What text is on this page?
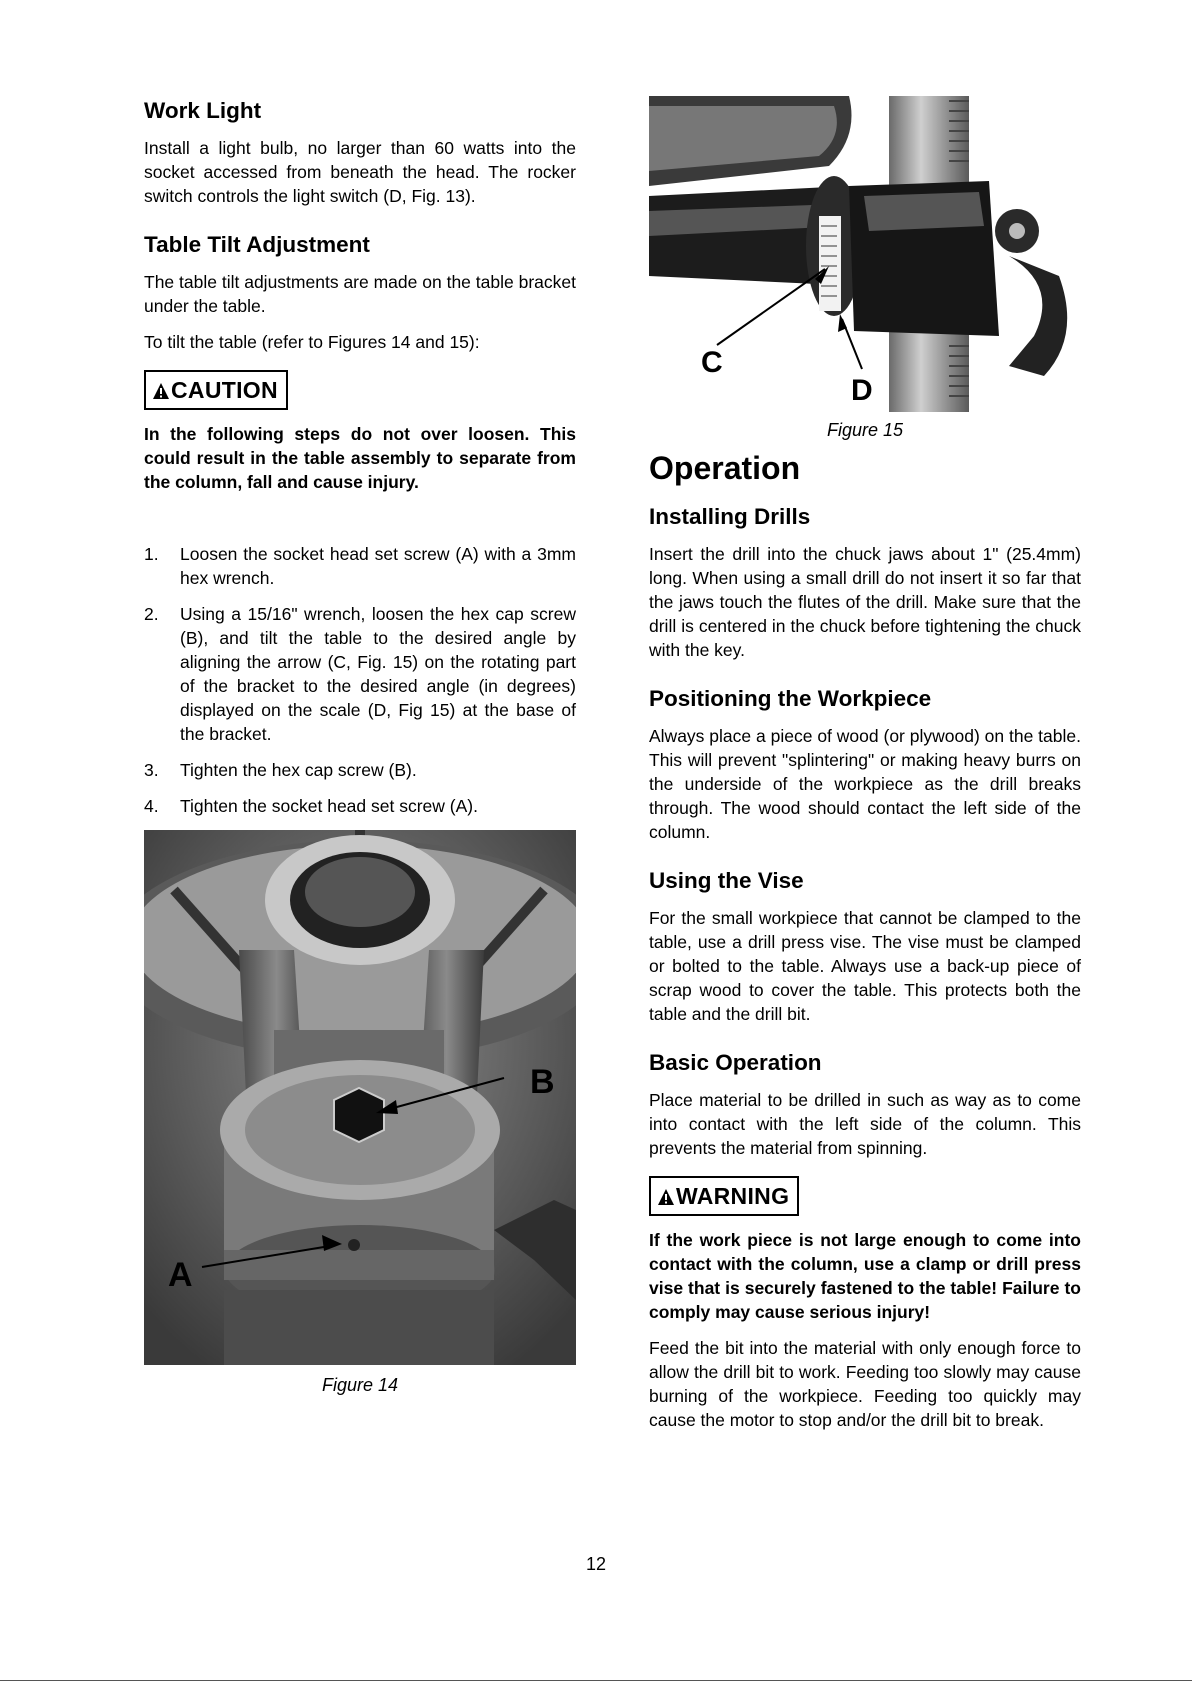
Work Light

Install a light bulb, no larger than 60 watts into the socket accessed from beneath the head. The rocker switch controls the light switch (D, Fig. 13).

Table Tilt Adjustment

The table tilt adjustments are made on the table bracket under the table.

To tilt the table (refer to Figures 14 and 15):

CAUTION

In the following steps do not over loosen. This could result in the table assembly to separate from the column, fall and cause injury.

1.	Loosen the socket head set screw (A) with a 3mm hex wrench.
2.	Using a 15/16" wrench, loosen the hex cap screw (B), and tilt the table to the desired angle by aligning the arrow (C, Fig. 15) on the rotating part of the bracket to the desired angle (in degrees) displayed on the scale (D, Fig 15) at the base of the bracket.
3.	Tighten the hex cap screw (B).
4.	Tighten the socket head set screw (A).
B
A

Figure 14

C
D

Figure 15

Operation
Installing Drills

Insert the drill into the chuck jaws about 1" (25.4mm) long. When using a small drill do not insert it so far that the jaws touch the flutes of the drill. Make sure that the drill is centered in the chuck before tightening the chuck with the key.

Positioning the Workpiece

Always place a piece of wood (or plywood) on the table. This will prevent "splintering" or making heavy burrs on the underside of the workpiece as the drill breaks through. The wood should contact the left side of the column.

Using the Vise

For the small workpiece that cannot be clamped to the table, use a drill press vise. The vise must be clamped or bolted to the table. Always use a back-up piece of scrap wood to cover the table. This protects both the table and the drill bit.

Basic Operation

Place material to be drilled in such as way as to come into contact with the left side of the column. This prevents the material from spinning.

WARNING

If the work piece is not large enough to come into contact with the column, use a clamp or drill press vise that is securely fastened to the table! Failure to comply may cause serious injury!

Feed the bit into the material with only enough force to allow the drill bit to work. Feeding too slowly may cause burning of the workpiece. Feeding too quickly may cause the motor to stop and/or the drill bit to break.

12
